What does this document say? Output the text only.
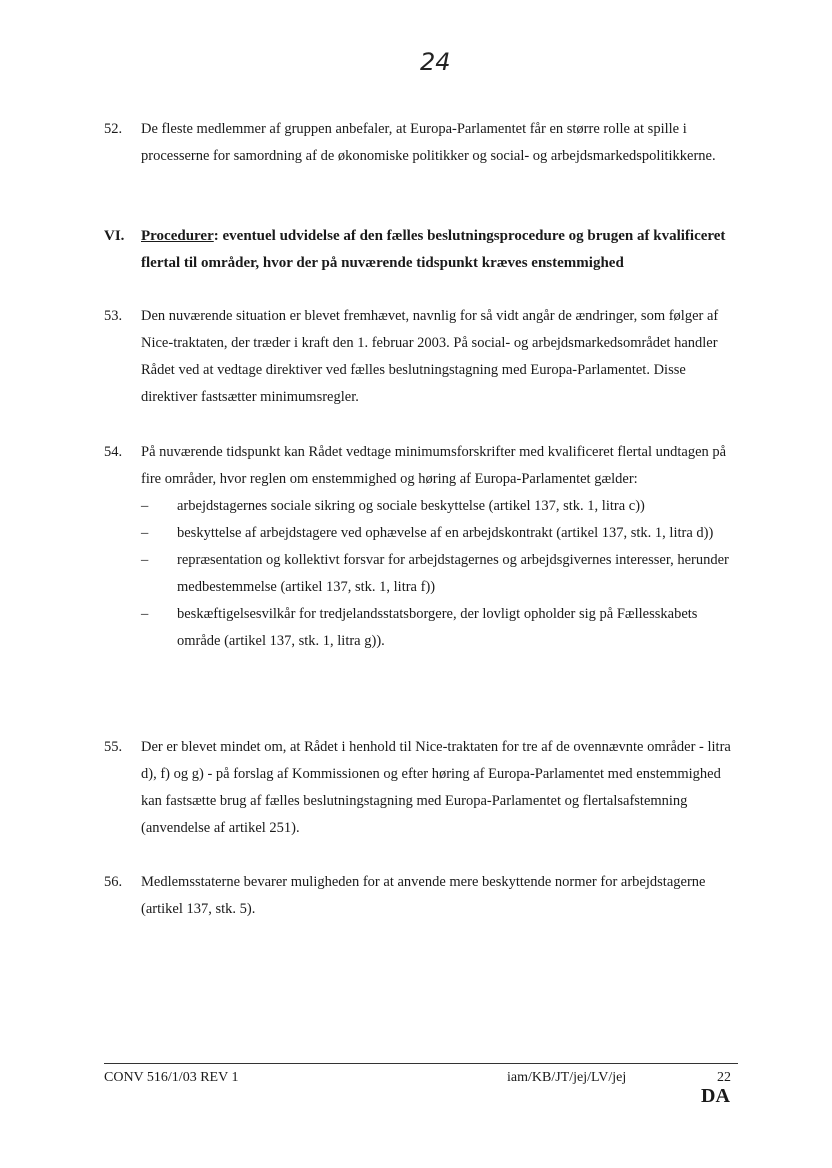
24
52. De fleste medlemmer af gruppen anbefaler, at Europa-Parlamentet får en større rolle at spille i processerne for samordning af de økonomiske politikker og social- og arbejdsmarkedspolitikkerne.
VI. Procedurer: eventuel udvidelse af den fælles beslutningsprocedure og brugen af kvalificeret flertal til områder, hvor der på nuværende tidspunkt kræves enstemmighed
53. Den nuværende situation er blevet fremhævet, navnlig for så vidt angår de ændringer, som følger af Nice-traktaten, der træder i kraft den 1. februar 2003. På social- og arbejdsmarkedsområdet handler Rådet ved at vedtage direktiver ved fælles beslutningstagning med Europa-Parlamentet. Disse direktiver fastsætter minimumsregler.
54. På nuværende tidspunkt kan Rådet vedtage minimumsforskrifter med kvalificeret flertal undtagen på fire områder, hvor reglen om enstemmighed og høring af Europa-Parlamentet gælder:
– arbejdstagernes sociale sikring og sociale beskyttelse (artikel 137, stk. 1, litra c))
– beskyttelse af arbejdstagere ved ophævelse af en arbejdskontrakt (artikel 137, stk. 1, litra d))
– repræsentation og kollektivt forsvar for arbejdstagernes og arbejdsgivernes interesser, herunder medbestemmelse (artikel 137, stk. 1, litra f))
– beskæftigelsesvilkår for tredjelandsstatsborgere, der lovligt opholder sig på Fællesskabets område (artikel 137, stk. 1, litra g)).
55. Der er blevet mindet om, at Rådet i henhold til Nice-traktaten for tre af de ovennævnte områder - litra d), f) og g) - på forslag af Kommissionen og efter høring af Europa-Parlamentet med enstemmighed kan fastsætte brug af fælles beslutningstagning med Europa-Parlamentet og flertalsafstemning (anvendelse af artikel 251).
56. Medlemsstaterne bevarer muligheden for at anvende mere beskyttende normer for arbejdstagerne (artikel 137, stk. 5).
CONV 516/1/03 REV 1	iam/KB/JT/jej/LV/jej	22
DA
